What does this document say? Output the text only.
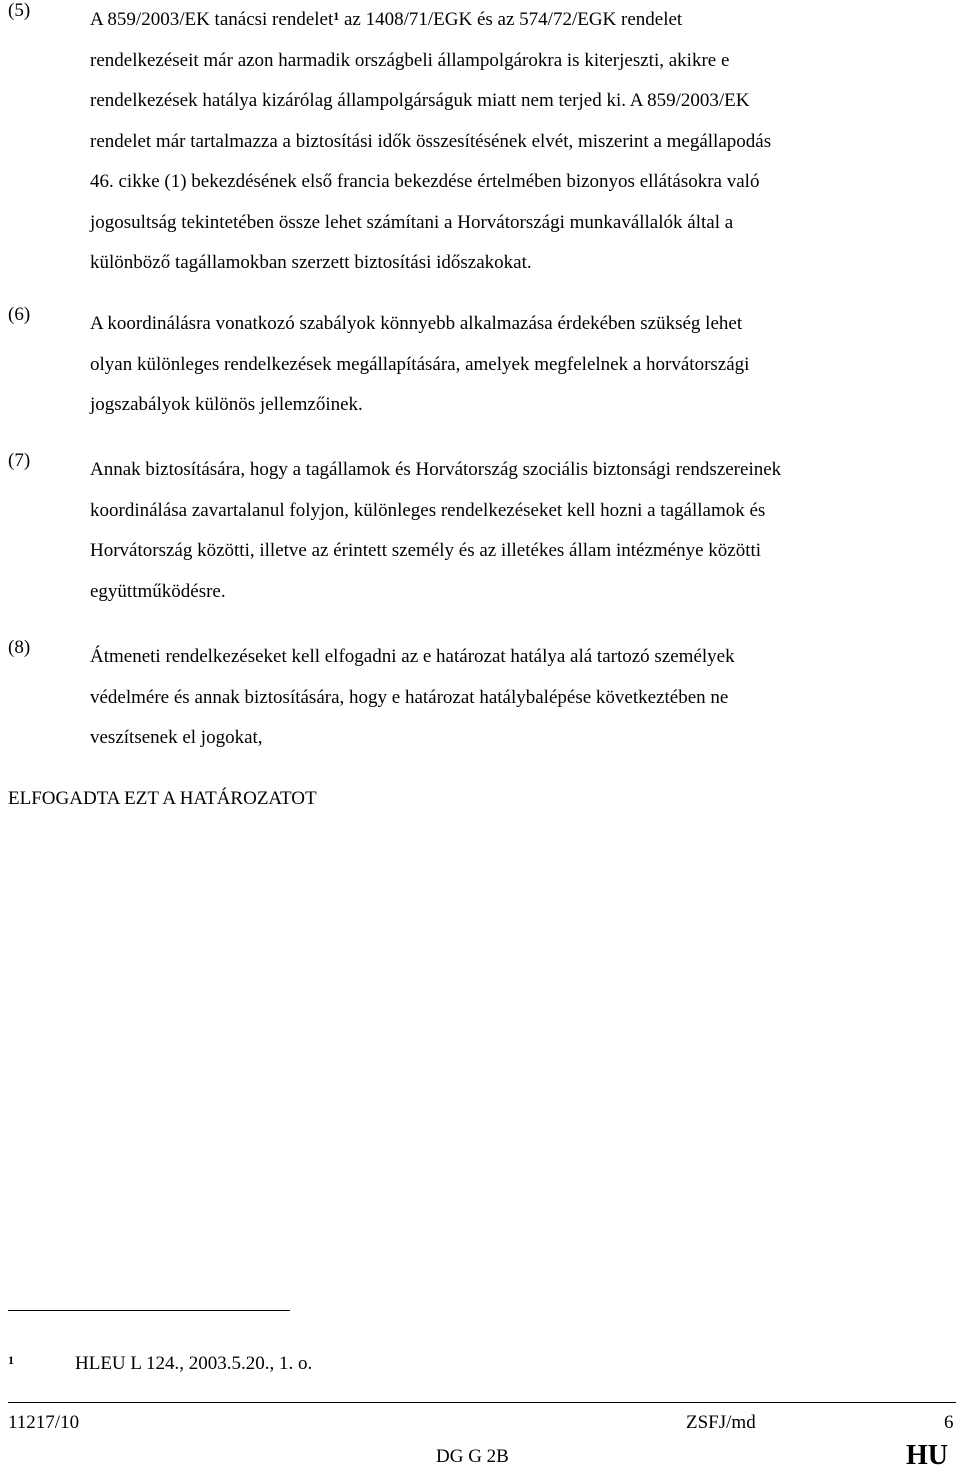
(5)	A 859/2003/EK tanácsi rendelet$^1$ az 1408/71/EGK és az 574/72/EGK rendelet
rendelkezéseit már azon harmadik országbeli állampolgárokra is kiterjeszti, akikre e
rendelkezések hatálya kizárólag állampolgárságuk miatt nem terjed ki. A 859/2003/EK
rendelet már tartalmazza a biztosítási idők összesítésének elvét, miszerint a megállapodás
46. cikke (1) bekezdésének első francia bekezdése értelmében bizonyos ellátásokra való
jogosultság tekintetében össze lehet számítani a Horvátországi munkavállalók által a
különböző tagállamokban szerzett biztosítási időszakokat.
(6)	A koordinálásra vonatkozó szabályok könnyebb alkalmazása érdekében szükség lehet
olyan különleges rendelkezések megállapítására, amelyek megfelelnek a horvátországi
jogszabályok különös jellemzőinek.
(7)	Annak biztosítására, hogy a tagállamok és Horvátország szociális biztonsági rendszereinek
koordinálása zavartalanul folyjon, különleges rendelkezéseket kell hozni a tagállamok és
Horvátország közötti, illetve az érintett személy és az illetékes állam intézménye közötti
együttműködésre.
(8)	Átmeneti rendelkezéseket kell elfogadni az e határozat hatálya alá tartozó személyek
védelmére és annak biztosítására, hogy e határozat hatálybalépése következtében ne
veszítsenek el jogokat,
ELFOGADTA EZT A HATÁROZATOT
1	HLEU L 124., 2003.5.20., 1. o.
11217/10	ZSFJ/md	6
DG G 2B	HU
